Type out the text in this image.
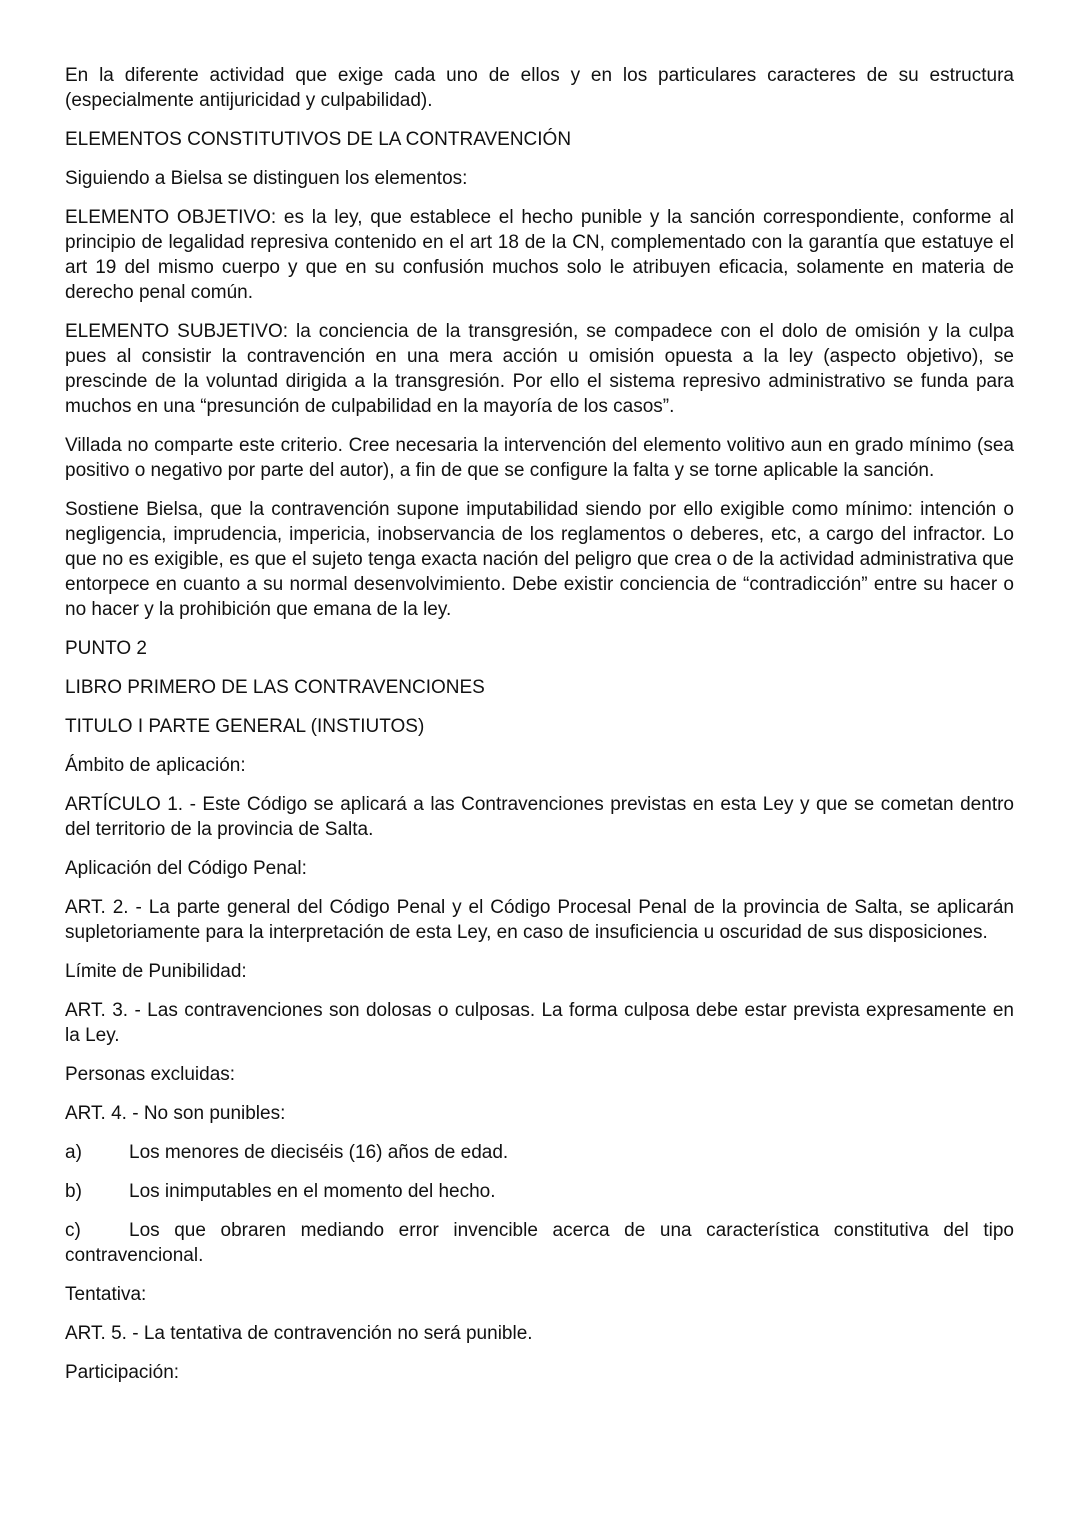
En la diferente actividad que exige cada uno de ellos y en los particulares caracteres de su estructura (especialmente antijuricidad y culpabilidad).

ELEMENTOS CONSTITUTIVOS DE LA CONTRAVENCIÓN

Siguiendo a Bielsa se distinguen los elementos:

ELEMENTO OBJETIVO: es la ley, que establece el hecho punible y la sanción correspondiente, conforme al principio de legalidad represiva contenido en el art 18 de la CN, complementado con la garantía que estatuye el art 19 del mismo cuerpo y que en su confusión muchos solo le atribuyen eficacia, solamente en materia de derecho penal común.

ELEMENTO SUBJETIVO: la conciencia de la transgresión, se compadece con el dolo de omisión y la culpa pues al consistir la contravención en una mera acción u omisión opuesta a la ley (aspecto objetivo), se prescinde de la voluntad dirigida a la transgresión. Por ello el sistema represivo administrativo se funda para muchos en una “presunción de culpabilidad en la mayoría de los casos”.

Villada no comparte este criterio. Cree necesaria la intervención del elemento volitivo aun en grado mínimo (sea positivo o negativo por parte del autor), a fin de que se configure la falta y se torne aplicable la sanción.

Sostiene Bielsa, que la contravención supone imputabilidad siendo por ello exigible como mínimo: intención o negligencia, imprudencia, impericia, inobservancia de los reglamentos o deberes, etc, a cargo del infractor. Lo que no es exigible, es que el sujeto tenga exacta nación del peligro que crea o de la actividad administrativa que entorpece en cuanto a su normal desenvolvimiento. Debe existir conciencia de “contradicción” entre su hacer o no hacer y la prohibición que emana de la ley.

PUNTO 2

LIBRO PRIMERO DE LAS CONTRAVENCIONES

TITULO I PARTE GENERAL (INSTIUTOS)

Ámbito de aplicación:

ARTÍCULO 1. - Este Código se aplicará a las Contravenciones previstas en esta Ley y que se cometan dentro del territorio de la provincia de Salta.

Aplicación del Código Penal:

ART. 2. - La parte general del Código Penal y el Código Procesal Penal de la provincia de Salta, se aplicarán supletoriamente para la interpretación de esta Ley, en caso de insuficiencia u oscuridad de sus disposiciones.

Límite de Punibilidad:

ART. 3. - Las contravenciones son dolosas o culposas. La forma culposa debe estar prevista expresamente en la Ley.

Personas excluidas:

ART. 4. - No son punibles:

a)	Los menores de dieciséis (16) años de edad.
b)	Los inimputables en el momento del hecho.
c)	Los que obraren mediando error invencible acerca de una característica constitutiva del tipo contravencional.

Tentativa:

ART. 5. - La tentativa de contravención no será punible.

Participación:
